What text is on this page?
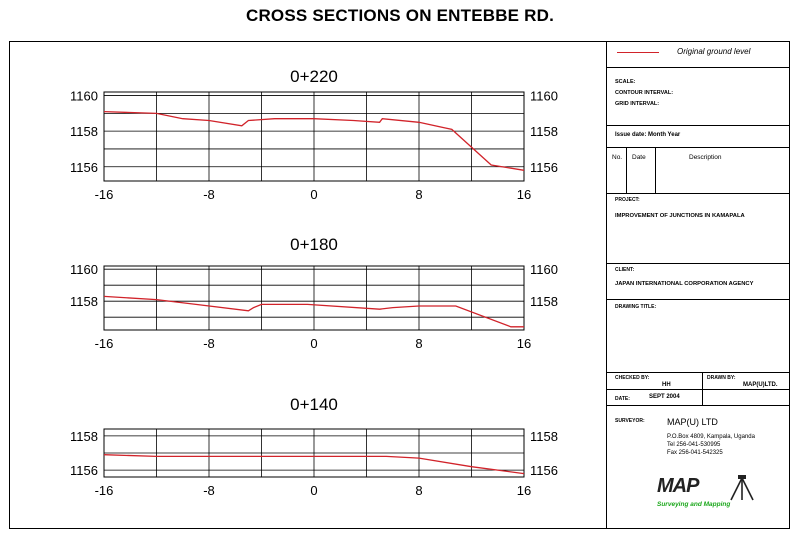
CROSS SECTIONS ON ENTEBBE RD.
0+220
1156	1156
1158	1158
1160	1160
-16	-8	0	8	16
0+180
1158	1158
1160	1160
-16	-8	0	8	16
0+140
1156	1156
1158	1158
-16	-8	0	8	16
Original ground level
SCALE:
CONTOUR INTERVAL:
GRID INTERVAL:
Issue date: Month Year
No. Date	Description
PROJECT:
IMPROVEMENT OF JUNCTIONS IN KAMAPALA
CLIENT:
JAPAN INTERNATIONAL CORPORATION AGENCY
DRAWING TITLE:
CHECKED BY:
HH
DRAWN BY:
MAP(U)LTD.
DATE:	SEPT 2004
SURVEYOR: MAP(U) LTD
P.O.Box 4809, Kampala, Uganda
Tel 256-041-530995
Fax 256-041-542325
MAP
Surveying and Mapping
